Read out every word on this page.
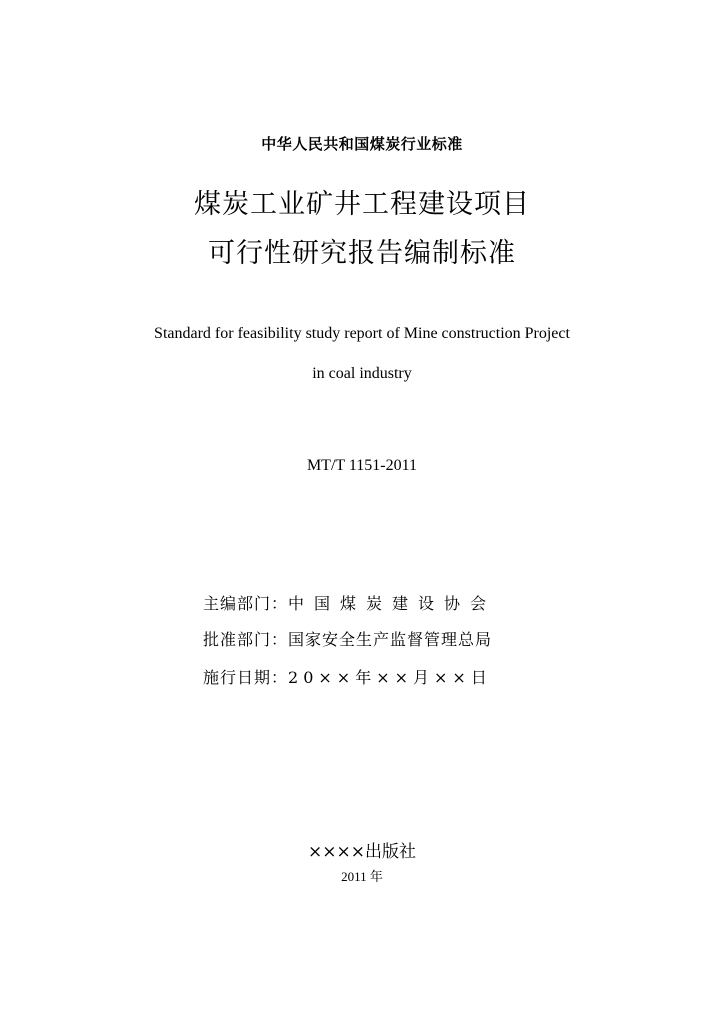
中华人民共和国煤炭行业标准
煤炭工业矿井工程建设项目
可行性研究报告编制标准
Standard for feasibility study report of Mine construction Project
in coal industry
MT/T 1151-2011
主编部门：中国煤炭建设协会
批准部门：国家安全生产监督管理总局
施行日期：20××年××月××日
××××出版社
2011 年
